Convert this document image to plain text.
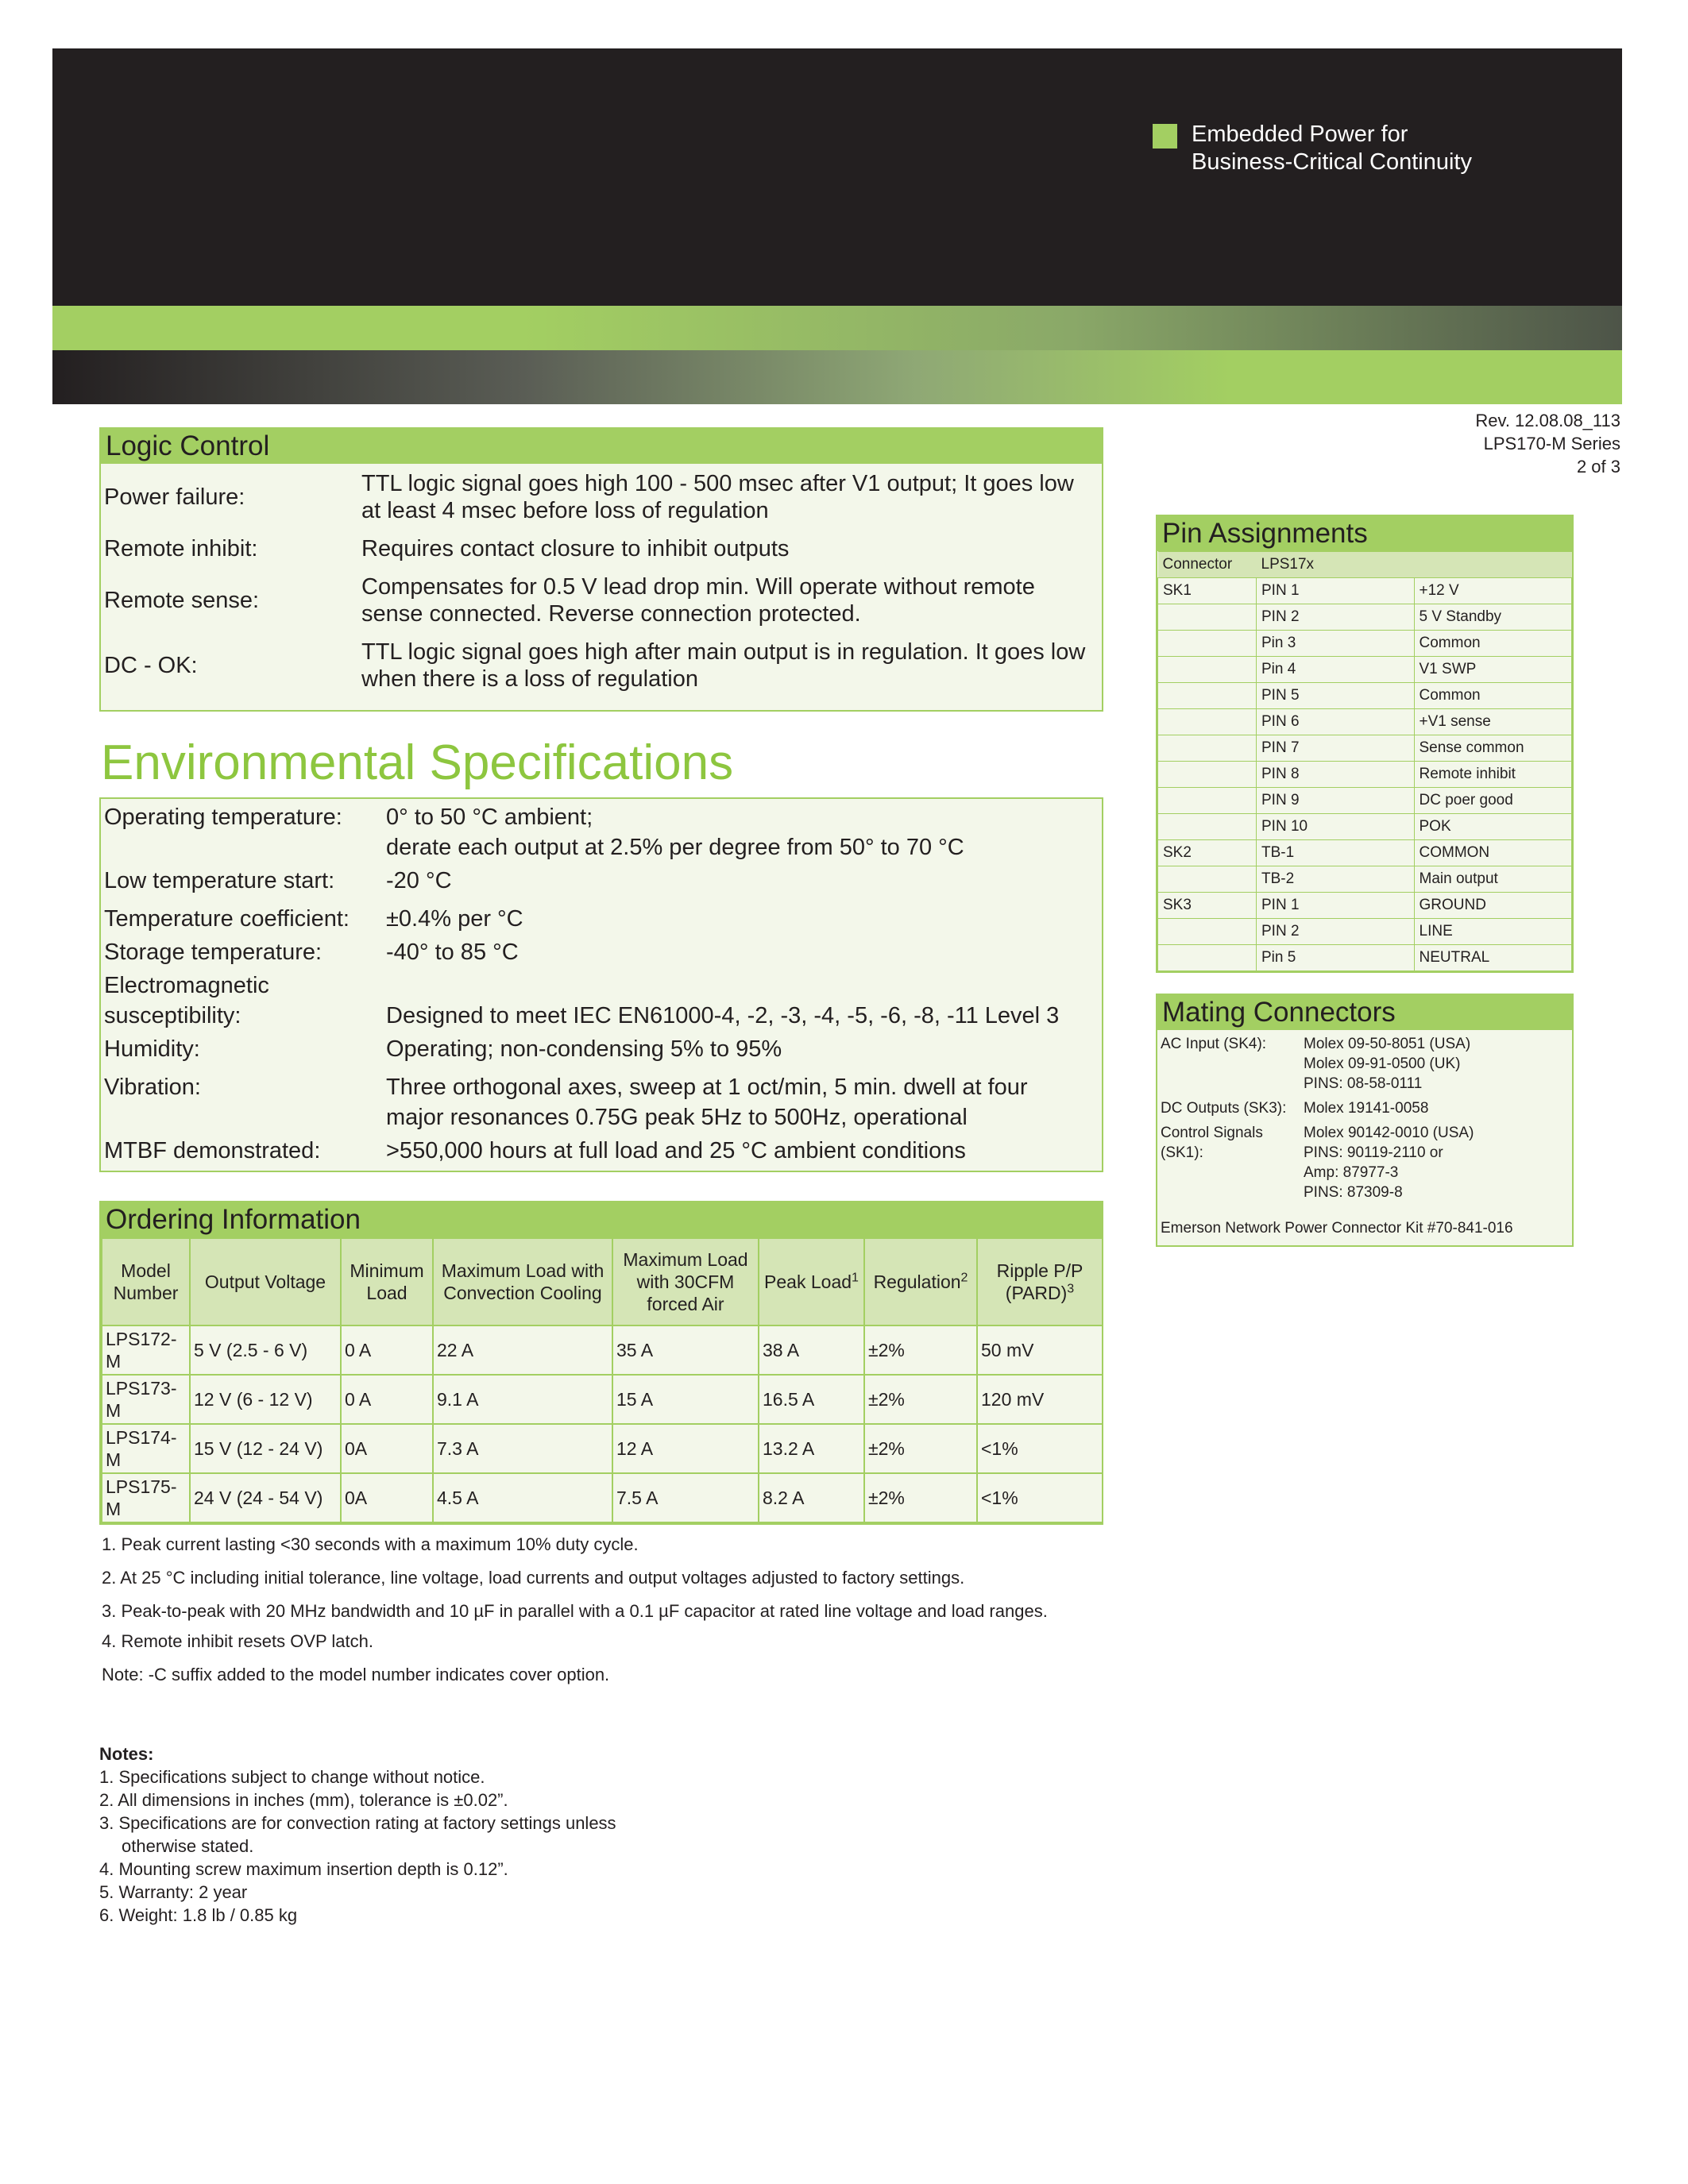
Embedded Power for
Business-Critical Continuity
Rev. 12.08.08_113
LPS170-M Series
2 of 3
Logic Control
Power failure:
TTL logic signal goes high 100 - 500 msec after V1 output; It goes low at least 4 msec before loss of regulation
Remote inhibit:	Requires contact closure to inhibit outputs
Remote sense:
Compensates for 0.5 V lead drop min. Will operate without remote sense connected. Reverse connection protected.
DC - OK:
TTL logic signal goes high after main output is in regulation. It goes low when there is a loss of regulation
Environmental Specifications
Operating temperature:	0° to 50 °C ambient;
derate each output at 2.5% per degree from 50° to 70 °C
Low temperature start:	-20 °C
Temperature coefficient:	±0.4% per °C
Storage temperature:	-40° to 85 °C
Electromagnetic
susceptibility:	Designed to meet IEC EN61000-4, -2, -3, -4, -5, -6, -8, -11 Level 3
Humidity:	Operating; non-condensing 5% to 95%
Vibration:	Three orthogonal axes, sweep at 1 oct/min, 5 min. dwell at four
major resonances 0.75G peak 5Hz to 500Hz, operational
MTBF demonstrated:	>550,000 hours at full load and 25 °C ambient conditions
Ordering Information
Model Number	Output Voltage	Minimum Load	Maximum Load with Convection Cooling	Maximum Load with 30CFM forced Air	Peak Load$^1$	Regulation$^2$	Ripple P/P (PARD)$^3$
LPS172-M	5 V (2.5 - 6 V)	0 A	22 A	35 A	38 A	±2%	50 mV
LPS173-M	12 V (6 - 12 V)	0 A	9.1 A	15 A	16.5 A	±2%	120 mV
LPS174-M	15 V (12 - 24 V)	0A	7.3 A	12 A	13.2 A	±2%	<1%
LPS175-M	24 V (24 - 54 V)	0A	4.5 A	7.5 A	8.2 A	±2%	<1%
1. Peak current lasting <30 seconds with a maximum 10% duty cycle.
2. At 25 °C including initial tolerance, line voltage, load currents and output voltages adjusted to factory settings.
3. Peak-to-peak with 20 MHz bandwidth and 10 µF in parallel with a 0.1 µF capacitor at rated line voltage and load ranges.
4. Remote inhibit resets OVP latch.
Note: -C suffix added to the model number indicates cover option.
Notes:
1. Specifications subject to change without notice.
2. All dimensions in inches (mm), tolerance is ±0.02”.
3. Specifications are for convection rating at factory settings unless
otherwise stated.
4. Mounting screw maximum insertion depth is 0.12”.
5. Warranty: 2 year
6. Weight: 1.8 lb / 0.85 kg
Pin Assignments
Connector	LPS17x	
SK1	PIN 1	+12 V
	PIN 2	5 V Standby
	Pin 3	Common
	Pin 4	V1 SWP
	PIN 5	Common
	PIN 6	+V1 sense
	PIN 7	Sense common
	PIN 8	Remote inhibit
	PIN 9	DC poer good
	PIN 10	POK
SK2	TB-1	COMMON
	TB-2	Main output
SK3	PIN 1	GROUND
	PIN 2	LINE
	Pin 5	NEUTRAL
Mating Connectors
AC Input (SK4):	Molex 09-50-8051 (USA)
Molex 09-91-0500 (UK)
PINS: 08-58-0111
DC Outputs (SK3):	Molex 19141-0058
Control Signals (SK1):
Molex 90142-0010 (USA)
PINS: 90119-2110 or
Amp: 87977-3
PINS: 87309-8
Emerson Network Power Connector Kit #70-841-016
